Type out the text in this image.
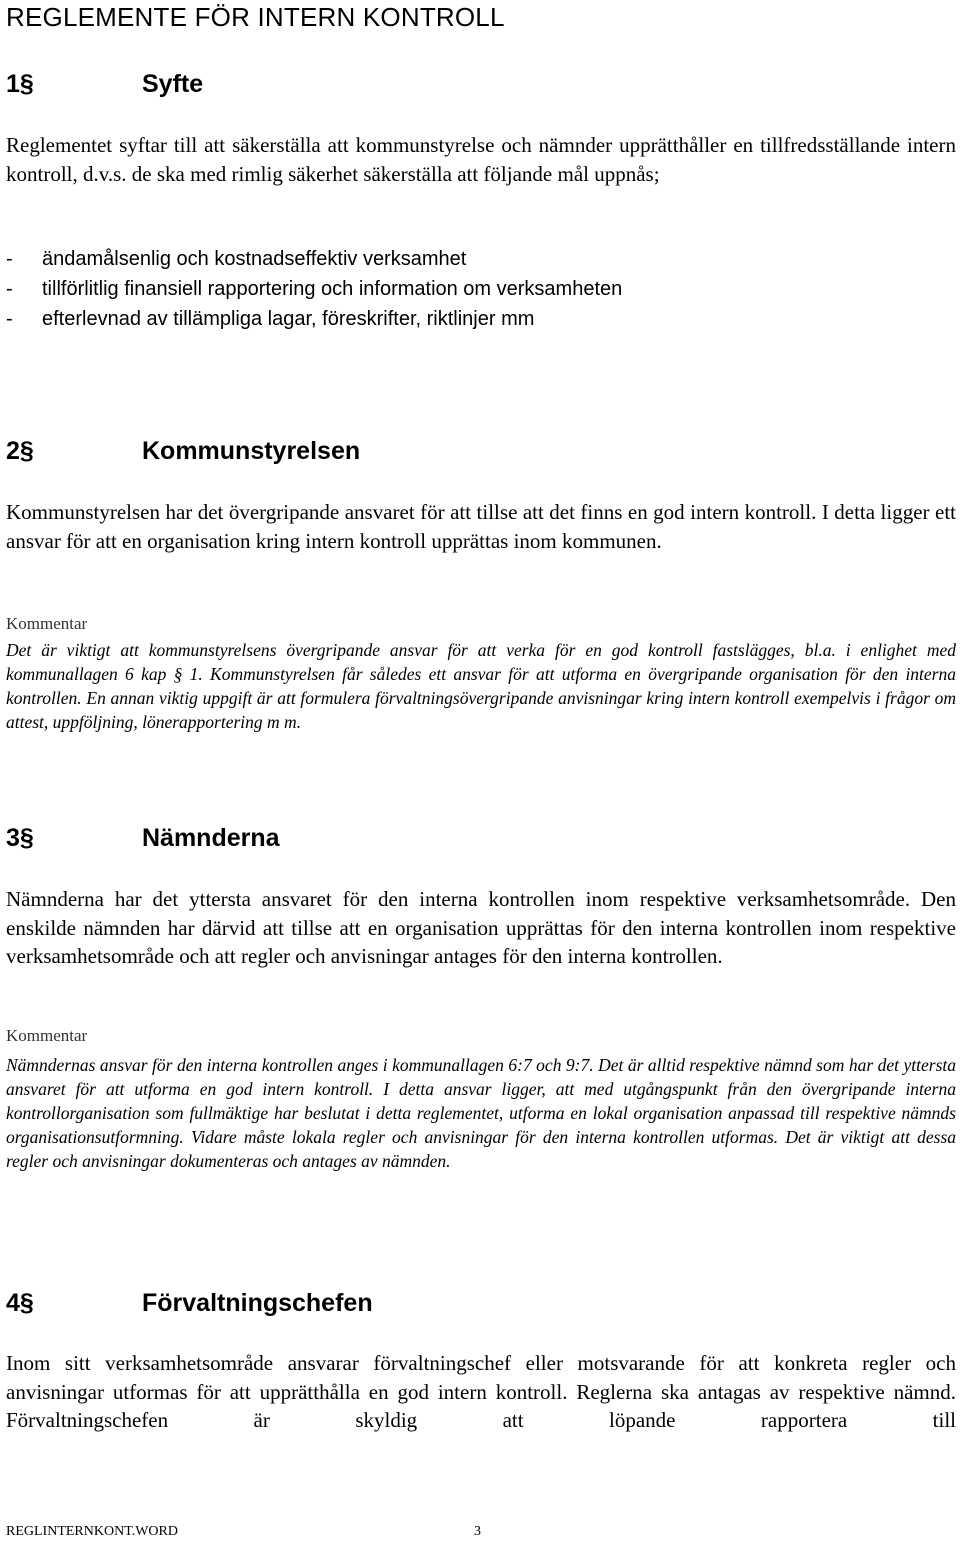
REGLEMENTE FÖR INTERN KONTROLL
1§	Syfte

Reglementet syftar till att säkerställa att kommunstyrelse och nämnder upprätthåller en tillfredsställande intern kontroll, d.v.s. de ska med rimlig säkerhet säkerställa att följande mål uppnås;

- ändamålsenlig och kostnadseffektiv verksamhet
- tillförlitlig finansiell rapportering och information om verksamheten
- efterlevnad av tillämpliga lagar, föreskrifter, riktlinjer mm
2§	Kommunstyrelsen

Kommunstyrelsen har det övergripande ansvaret för att tillse att det finns en god intern kontroll. I detta ligger ett ansvar för att en organisation kring intern kontroll upprättas inom kommunen.

Kommentar

Det är viktigt att kommunstyrelsens övergripande ansvar för att verka för en god kontroll fastslägges, bl.a. i enlighet med kommunallagen 6 kap § 1. Kommunstyrelsen får således ett ansvar för att utforma en övergripande organisation för den interna kontrollen. En annan viktig uppgift är att formulera förvaltningsövergripande anvisningar kring intern kontroll exempelvis i frågor om attest, uppföljning, lönerapportering m m.

3§	Nämnderna

Nämnderna har det yttersta ansvaret för den interna kontrollen inom respektive verksamhetsområde. Den enskilde nämnden har därvid att tillse att en organisation upprättas för den interna kontrollen inom respektive verksamhetsområde och att regler och anvisningar antages för den interna kontrollen.

Kommentar

Nämndernas ansvar för den interna kontrollen anges i kommunallagen 6:7 och 9:7. Det är alltid respektive nämnd som har det yttersta ansvaret för att utforma en god intern kontroll. I detta ansvar ligger, att med utgångspunkt från den övergripande interna kontrollorganisation som fullmäktige har beslutat i detta reglementet, utforma en lokal organisation anpassad till respektive nämnds organisationsutformning. Vidare måste lokala regler och anvisningar för den interna kontrollen utformas. Det är viktigt att dessa regler och anvisningar dokumenteras och antages av nämnden.

4§	Förvaltningschefen

Inom sitt verksamhetsområde ansvarar förvaltningschef eller motsvarande för att konkreta regler och anvisningar utformas för att upprätthålla en god intern kontroll. Reglerna ska antagas av respektive nämnd. Förvaltningschefen är skyldig att löpande rapportera till

REGLINTERNKONT.WORD	3
